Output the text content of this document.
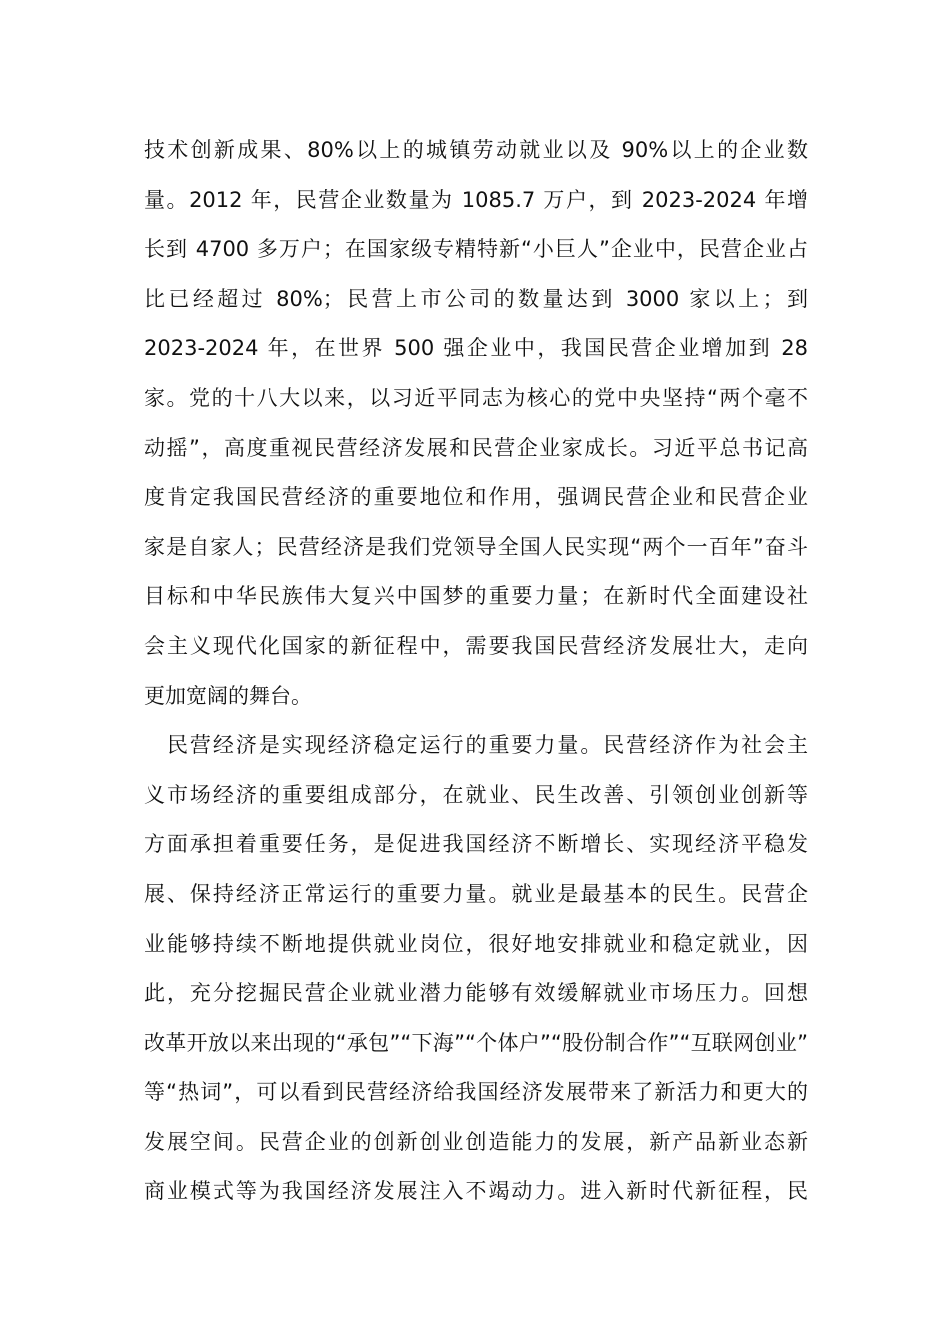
技术创新成果、80%以上的城镇劳动就业以及 90%以上的企业数
量。2012 年，民营企业数量为 1085.7 万户，到 2023-2024 年增
长到 4700 多万户；在国家级专精特新“小巨人”企业中，民营企业占
比已经超过 80%；民营上市公司的数量达到 3000 家以上；到
2023-2024 年，在世界 500 强企业中，我国民营企业增加到 28
家。党的十八大以来，以习近平同志为核心的党中央坚持“两个毫不
动摇”，高度重视民营经济发展和民营企业家成长。习近平总书记高
度肯定我国民营经济的重要地位和作用，强调民营企业和民营企业
家是自家人；民营经济是我们党领导全国人民实现“两个一百年”奋斗
目标和中华民族伟大复兴中国梦的重要力量；在新时代全面建设社
会主义现代化国家的新征程中，需要我国民营经济发展壮大，走向
更加宽阔的舞台。
　民营经济是实现经济稳定运行的重要力量。民营经济作为社会主
义市场经济的重要组成部分，在就业、民生改善、引领创业创新等
方面承担着重要任务，是促进我国经济不断增长、实现经济平稳发
展、保持经济正常运行的重要力量。就业是最基本的民生。民营企
业能够持续不断地提供就业岗位，很好地安排就业和稳定就业，因
此，充分挖掘民营企业就业潜力能够有效缓解就业市场压力。回想
改革开放以来出现的“承包”“下海”“个体户”“股份制合作”“互联网创业”
等“热词”，可以看到民营经济给我国经济发展带来了新活力和更大的
发展空间。民营企业的创新创业创造能力的发展，新产品新业态新
商业模式等为我国经济发展注入不竭动力。进入新时代新征程，民
